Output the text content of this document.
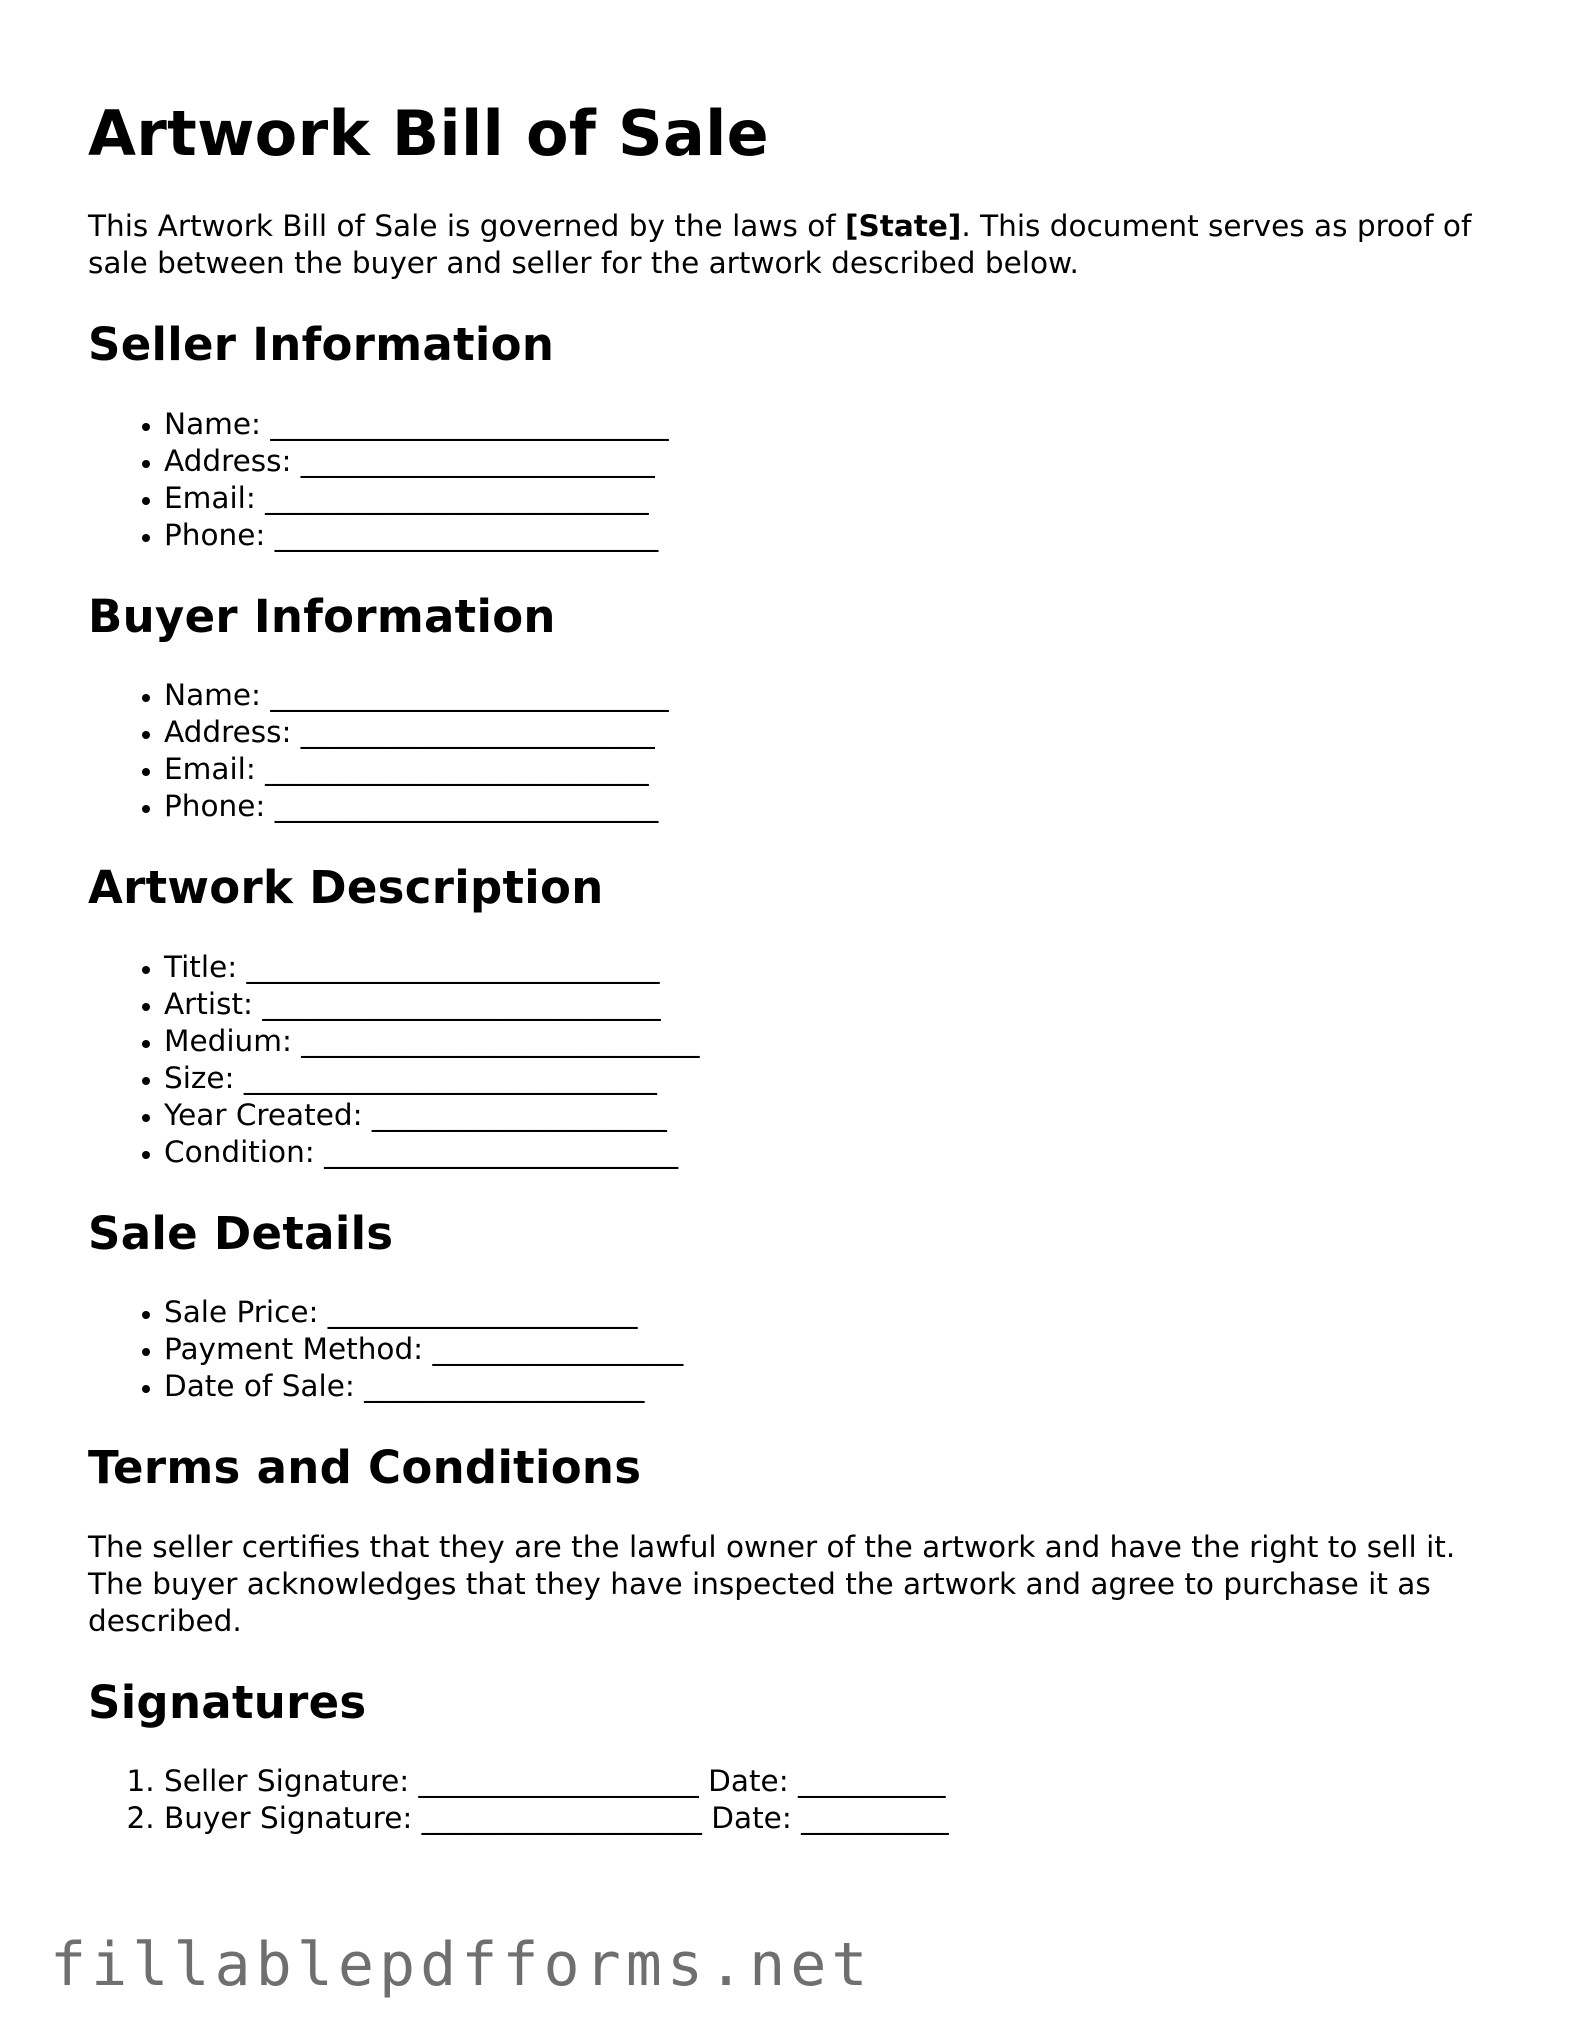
Artwork Bill of Sale

This Artwork Bill of Sale is governed by the laws of [State]. This document serves as proof of sale between the buyer and seller for the artwork described below.

Seller Information
• Name: ___________________________
• Address: ________________________
• Email: __________________________
• Phone: __________________________
Buyer Information
• Name: ___________________________
• Address: ________________________
• Email: __________________________
• Phone: __________________________
Artwork Description
• Title: ____________________________
• Artist: ___________________________
• Medium: ___________________________
• Size: ____________________________
• Year Created: ____________________
• Condition: ________________________
Sale Details
• Sale Price: _____________________
• Payment Method: _________________
• Date of Sale: ___________________
Terms and Conditions

The seller certifies that they are the lawful owner of the artwork and have the right to sell it. The buyer acknowledges that they have inspected the artwork and agree to purchase it as described.

Signatures
1. Seller Signature: ___________________ Date: __________
2. Buyer Signature: ___________________ Date: __________
fillablepdfforms.net
